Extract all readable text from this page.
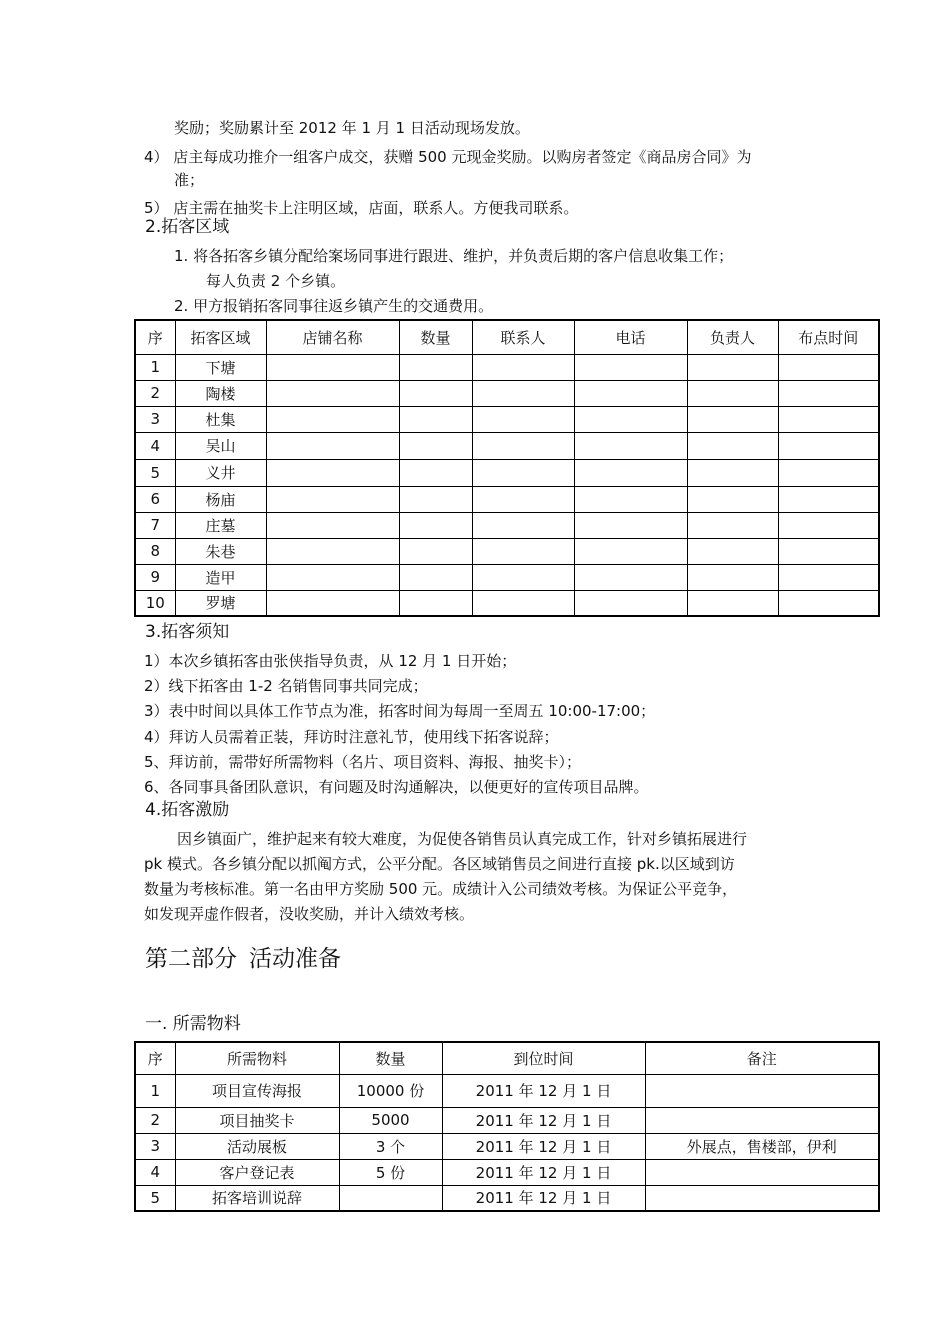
奖励；奖励累计至 2012 年 1 月 1 日活动现场发放。
4） 店主每成功推介一组客户成交，获赠 500 元现金奖励。以购房者签定《商品房合同》为
准；
5） 店主需在抽奖卡上注明区域，店面，联系人。方便我司联系。
2.拓客区域
1. 将各拓客乡镇分配给案场同事进行跟进、维护，并负责后期的客户信息收集工作；
每人负责 2 个乡镇。
2. 甲方报销拓客同事往返乡镇产生的交通费用。
序	拓客区域	店铺名称	数量	联系人	电话	负责人	布点时间
1	下塘						
2	陶楼						
3	杜集						
4	吴山						
5	义井						
6	杨庙						
7	庄墓						
8	朱巷						
9	造甲						
10	罗塘						
3.拓客须知
1）本次乡镇拓客由张侠指导负责，从 12 月 1 日开始；
2）线下拓客由 1-2 名销售同事共同完成；
3）表中时间以具体工作节点为准，拓客时间为每周一至周五 10:00-17:00；
4）拜访人员需着正装，拜访时注意礼节，使用线下拓客说辞；
5、拜访前，需带好所需物料（名片、项目资料、海报、抽奖卡）；
6、各同事具备团队意识，有问题及时沟通解决，以便更好的宣传项目品牌。
4.拓客激励
因乡镇面广，维护起来有较大难度，为促使各销售员认真完成工作，针对乡镇拓展进行
pk 模式。各乡镇分配以抓阄方式，公平分配。各区域销售员之间进行直接 pk.以区域到访
数量为考核标准。第一名由甲方奖励 500 元。成绩计入公司绩效考核。为保证公平竞争，
如发现弄虚作假者，没收奖励，并计入绩效考核。
第二部分 活动准备
一. 所需物料
序	所需物料	数量	到位时间	备注
1	项目宣传海报	10000 份	2011 年 12 月 1 日	
2	项目抽奖卡	5000	2011 年 12 月 1 日	
3	活动展板	3 个	2011 年 12 月 1 日	外展点，售楼部，伊利
4	客户登记表	5 份	2011 年 12 月 1 日	
5	拓客培训说辞		2011 年 12 月 1 日	
